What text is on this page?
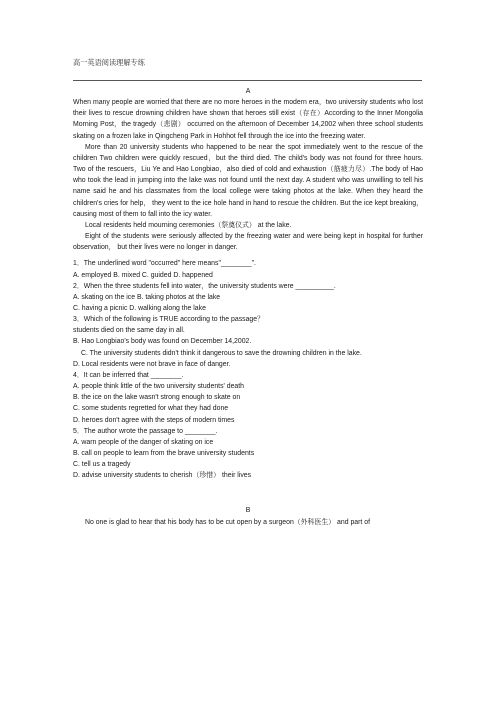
高一英语阅读理解专练

A

When many people are worried that there are no more heroes in the modern era，two university students who lost their lives to rescue drowning children have shown that heroes still exist（存在）According to the Inner Mongolia Morning Post，the tragedy（悲剧） occurred on the afternoon of December 14,2002 when three school students skating on a frozen lake in Qingcheng Park in Hohhot fell through the ice into the freezing water.

More than 20 university students who happened to be near the spot immediately went to the rescue of the children Two children were quickly rescued，but the third died. The child's body was not found for three hours. Two of the rescuers，Liu Ye and Hao Longbiao，also died of cold and exhaustion（筋疲力尽）.The body of Hao who took the lead in jumping into the lake was not found until the next day. A student who was unwilling to tell his name said he and his classmates from the local college were taking photos at the lake. When they heard the children's cries for help， they went to the ice hole hand in hand to rescue the children. But the ice kept breaking，causing most of them to fall into the icy water.

Local residents held mourning ceremonies（祭奠仪式） at the lake.

Eight of the students were seriously affected by the freezing water and were being kept in hospital for further observation， but their lives were no longer in danger.

1．The underlined word "occurred" here means"________".

A. employed B. mixed C. guided D. happened

2．When the three students fell into water，the university students were __________.

A. skating on the ice B. taking photos at the lake

C. having a picnic D. walking along the lake

3．Which of the following is TRUE according to the passage？

students died on the same day in all.

B. Hao Longbiao's body was found on December 14,2002.

C. The university students didn't think it dangerous to save the drowning children in the lake.

D. Local residents were not brave in face of danger.

4．It can be inferred that ________.

A. people think little of the two university students' death

B. the ice on the lake wasn't strong enough to skate on

C. some students regretted for what they had done

D. heroes don't agree with the steps of modern times

5．The author wrote the passage to ________.

A. warn people of the danger of skating on ice

B. call on people to learn from the brave university students

C. tell us a tragedy

D. advise university students to cherish（珍惜） their lives

B

No one is glad to hear that his body has to be cut open by a surgeon（外科医生） and part of
